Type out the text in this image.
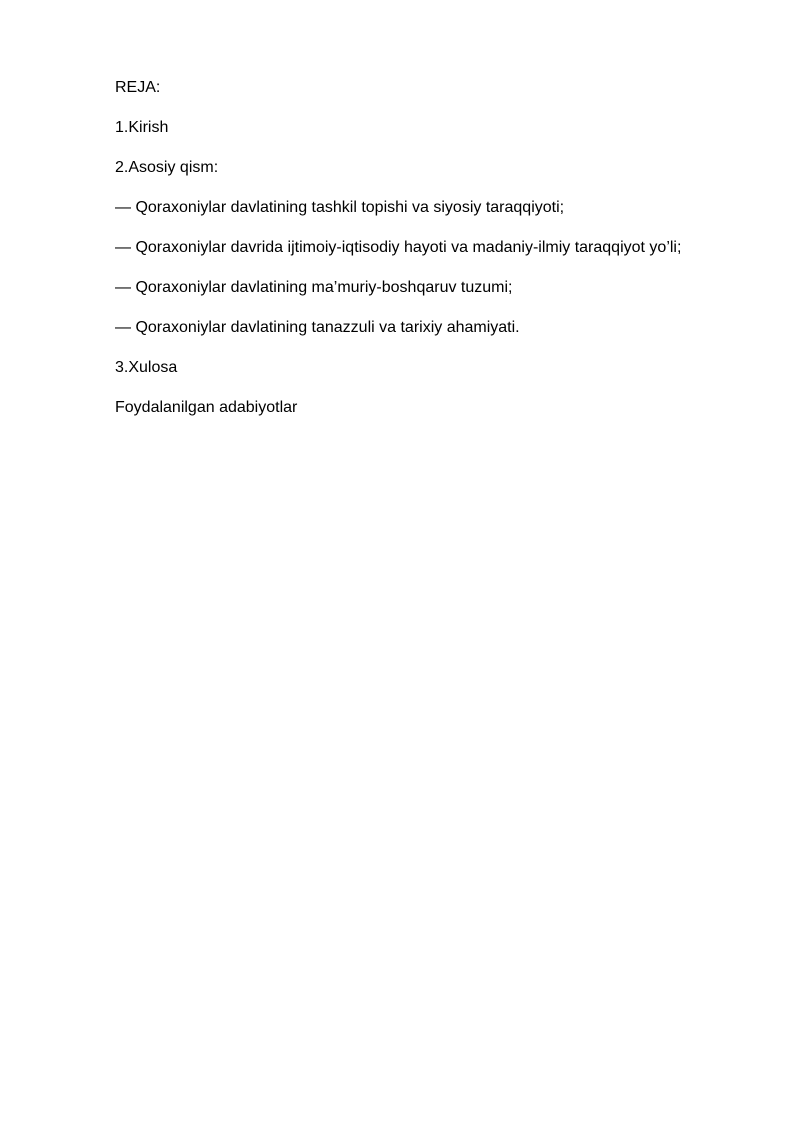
REJA:
1.Kirish
2.Asosiy qism:
— Qoraxoniylar davlatining tashkil topishi va siyosiy taraqqiyoti;
— Qoraxoniylar davrida ijtimoiy-iqtisodiy hayoti va madaniy-ilmiy taraqqiyot yo’li;
— Qoraxoniylar davlatining ma’muriy-boshqaruv tuzumi;
— Qoraxoniylar davlatining tanazzuli va tarixiy ahamiyati.
3.Xulosa
Foydalanilgan adabiyotlar
